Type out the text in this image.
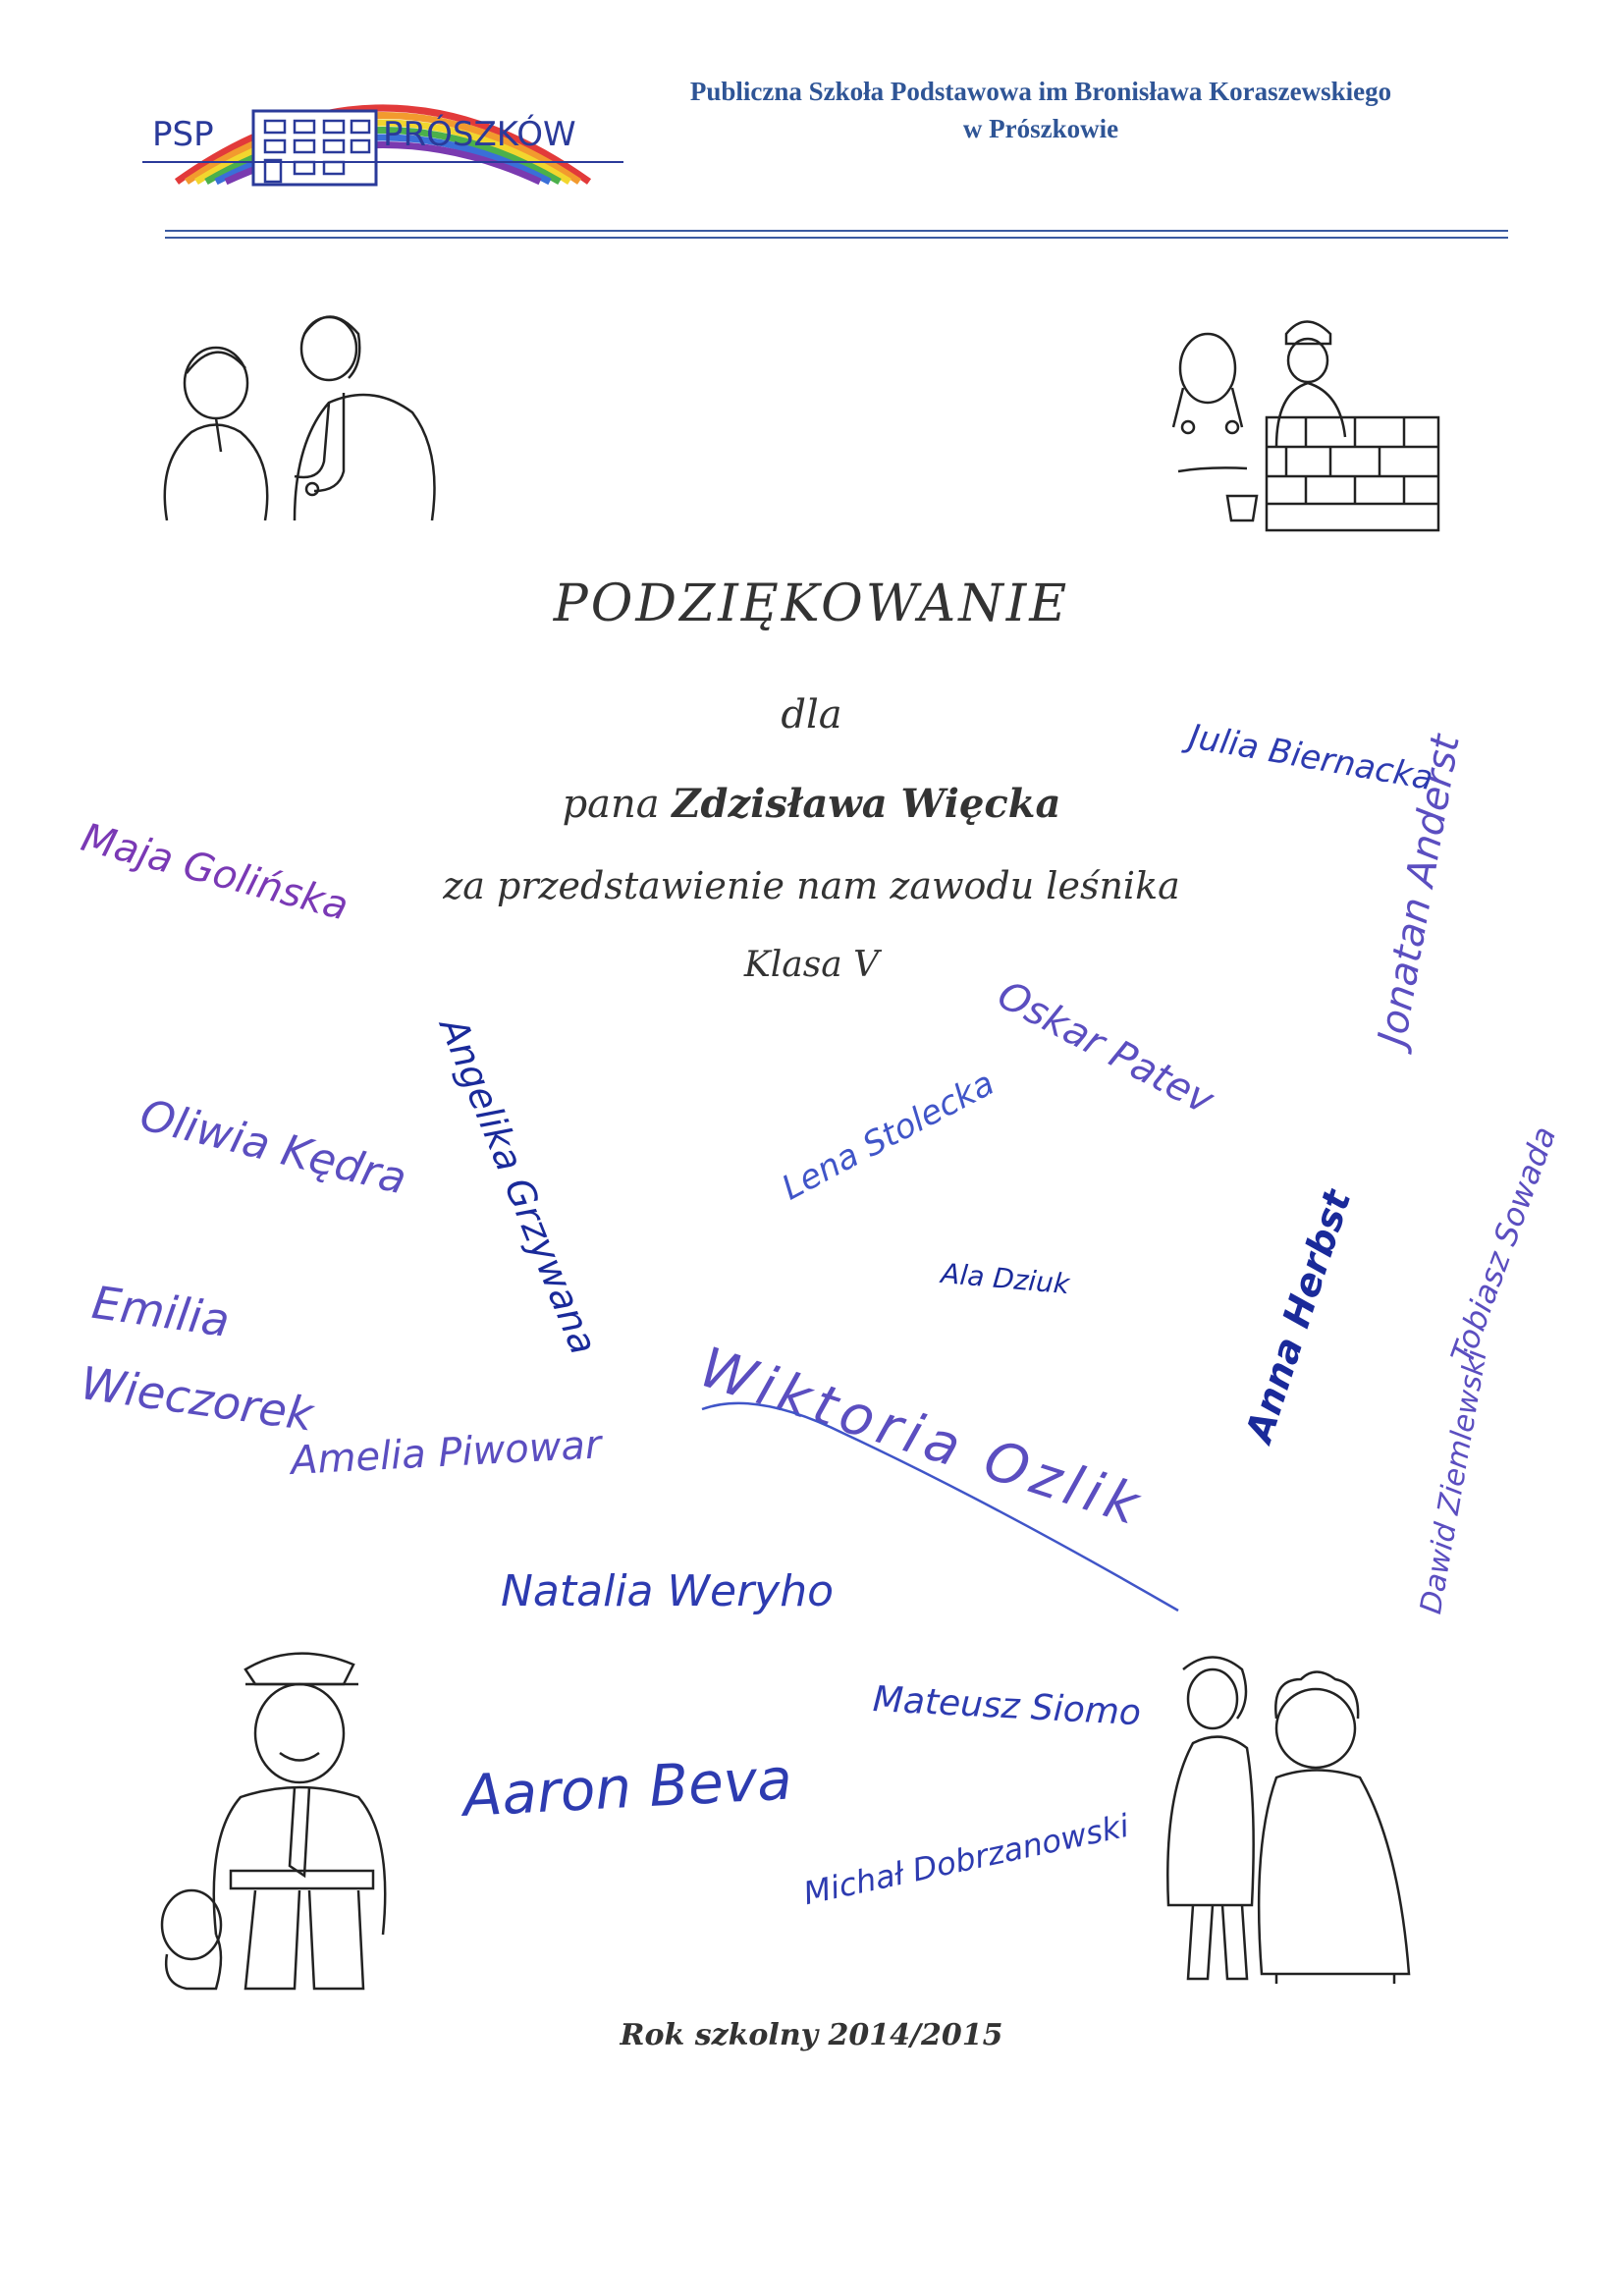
PSP	PRÓSZKÓW
Publiczna Szkoła Podstawowa im Bronisława Koraszewskiego
w Prószkowie
PODZIĘKOWANIE
dla
pana Zdzisława Więcka
za przedstawienie nam zawodu leśnika
Klasa V
Rok szkolny 2014/2015
Maja Golińska
Julia Biernacka
Jonatan Anderst
Oskar Patev
Angelika Grzywana
Oliwia Kędra	Lena Stolecka
Emilia Wieczorek
Ala Dziuk	Anna Herbst	Tobiasz Sowada
Wiktoria Ozlik
Amelia Piwowar	Dawid Ziemlewski
Natalia Weryho
Mateusz Siomo
Aaron Beva
Michał Dobrzanowski
